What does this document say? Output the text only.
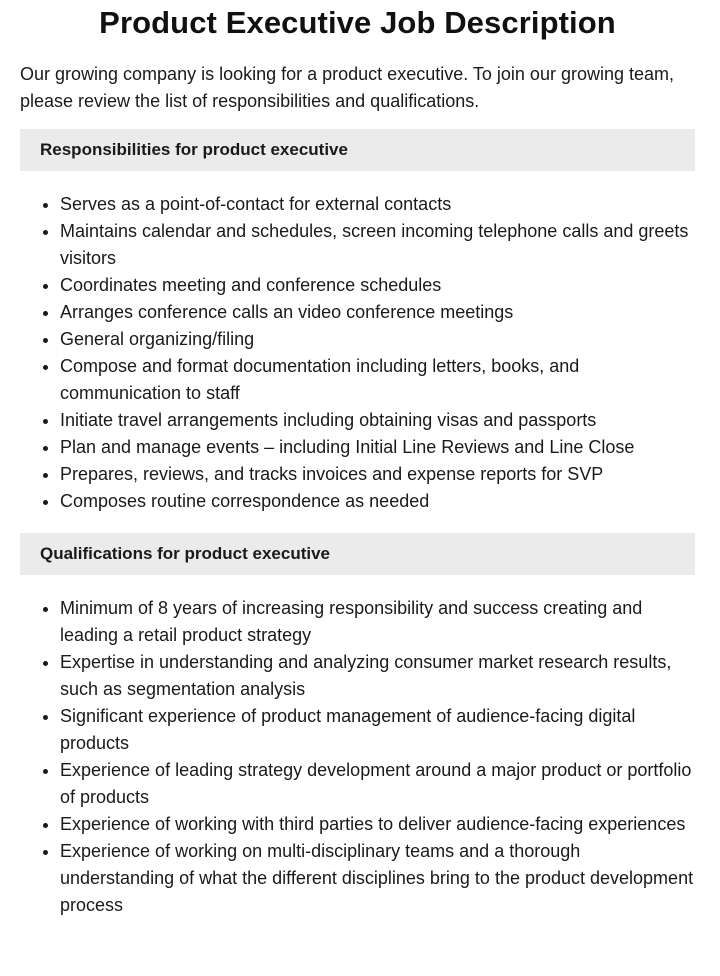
Product Executive Job Description

Our growing company is looking for a product executive. To join our growing team, please review the list of responsibilities and qualifications.

Responsibilities for product executive
• Serves as a point-of-contact for external contacts
• Maintains calendar and schedules, screen incoming telephone calls and greets visitors
• Coordinates meeting and conference schedules
• Arranges conference calls an video conference meetings
• General organizing/filing
• Compose and format documentation including letters, books, and communication to staff
• Initiate travel arrangements including obtaining visas and passports
• Plan and manage events – including Initial Line Reviews and Line Close
• Prepares, reviews, and tracks invoices and expense reports for SVP
• Composes routine correspondence as needed
Qualifications for product executive
• Minimum of 8 years of increasing responsibility and success creating and leading a retail product strategy
• Expertise in understanding and analyzing consumer market research results, such as segmentation analysis
• Significant experience of product management of audience-facing digital products
• Experience of leading strategy development around a major product or portfolio of products
• Experience of working with third parties to deliver audience-facing experiences
• Experience of working on multi-disciplinary teams and a thorough understanding of what the different disciplines bring to the product development process
